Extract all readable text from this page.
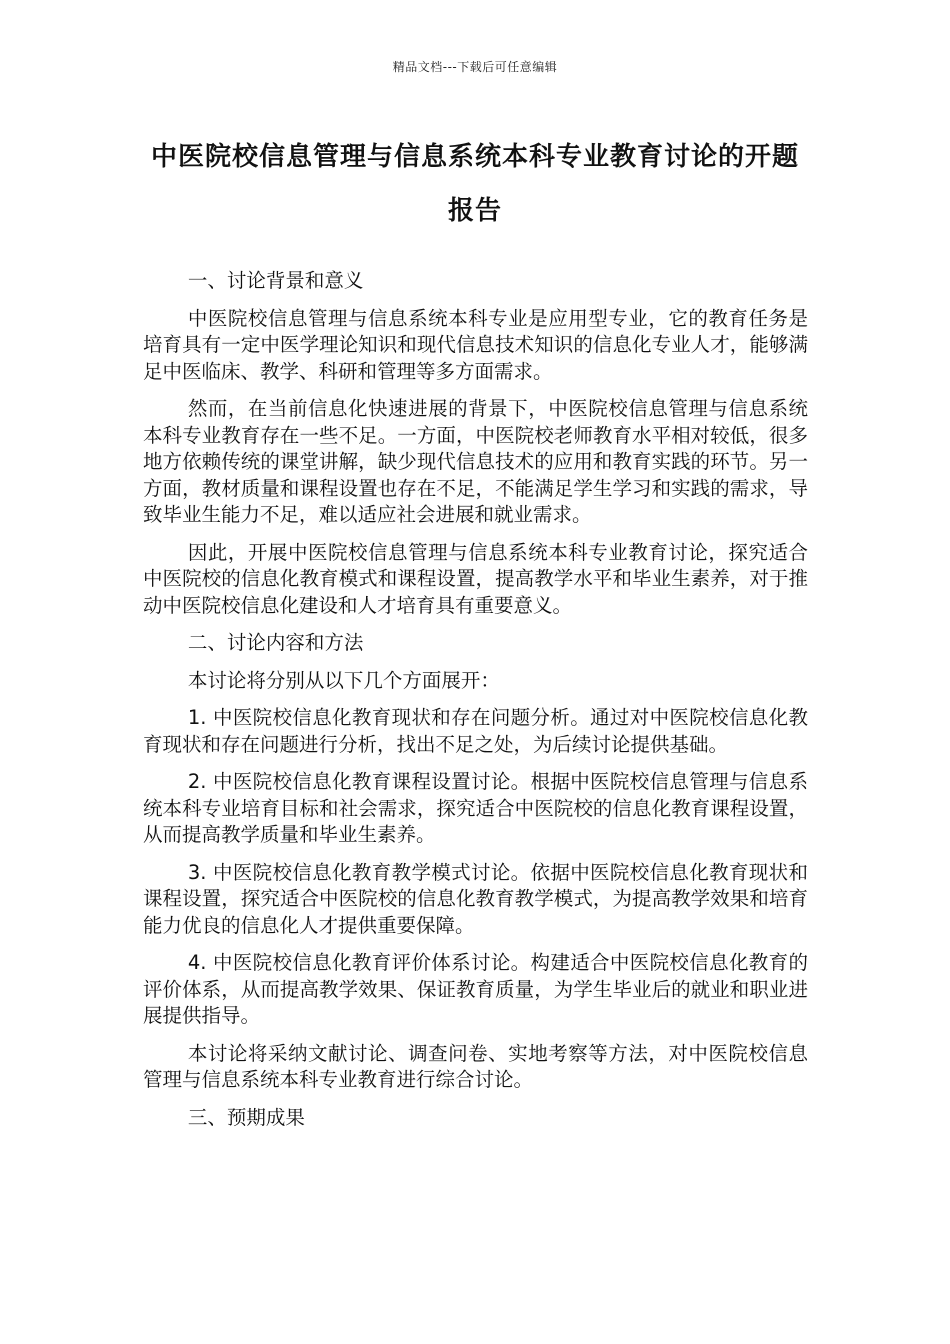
精品文档---下载后可任意编辑
中医院校信息管理与信息系统本科专业教育讨论的开题报告

一、讨论背景和意义

中医院校信息管理与信息系统本科专业是应用型专业，它的教育任务是培育具有一定中医学理论知识和现代信息技术知识的信息化专业人才，能够满足中医临床、教学、科研和管理等多方面需求。

然而，在当前信息化快速进展的背景下，中医院校信息管理与信息系统本科专业教育存在一些不足。一方面，中医院校老师教育水平相对较低，很多地方依赖传统的课堂讲解，缺少现代信息技术的应用和教育实践的环节。另一方面，教材质量和课程设置也存在不足，不能满足学生学习和实践的需求，导致毕业生能力不足，难以适应社会进展和就业需求。

因此，开展中医院校信息管理与信息系统本科专业教育讨论，探究适合中医院校的信息化教育模式和课程设置，提高教学水平和毕业生素养，对于推动中医院校信息化建设和人才培育具有重要意义。

二、讨论内容和方法

本讨论将分别从以下几个方面展开：

1. 中医院校信息化教育现状和存在问题分析。通过对中医院校信息化教育现状和存在问题进行分析，找出不足之处，为后续讨论提供基础。

2. 中医院校信息化教育课程设置讨论。根据中医院校信息管理与信息系统本科专业培育目标和社会需求，探究适合中医院校的信息化教育课程设置，从而提高教学质量和毕业生素养。

3. 中医院校信息化教育教学模式讨论。依据中医院校信息化教育现状和课程设置，探究适合中医院校的信息化教育教学模式，为提高教学效果和培育能力优良的信息化人才提供重要保障。

4. 中医院校信息化教育评价体系讨论。构建适合中医院校信息化教育的评价体系，从而提高教学效果、保证教育质量，为学生毕业后的就业和职业进展提供指导。

本讨论将采纳文献讨论、调查问卷、实地考察等方法，对中医院校信息管理与信息系统本科专业教育进行综合讨论。

三、预期成果
